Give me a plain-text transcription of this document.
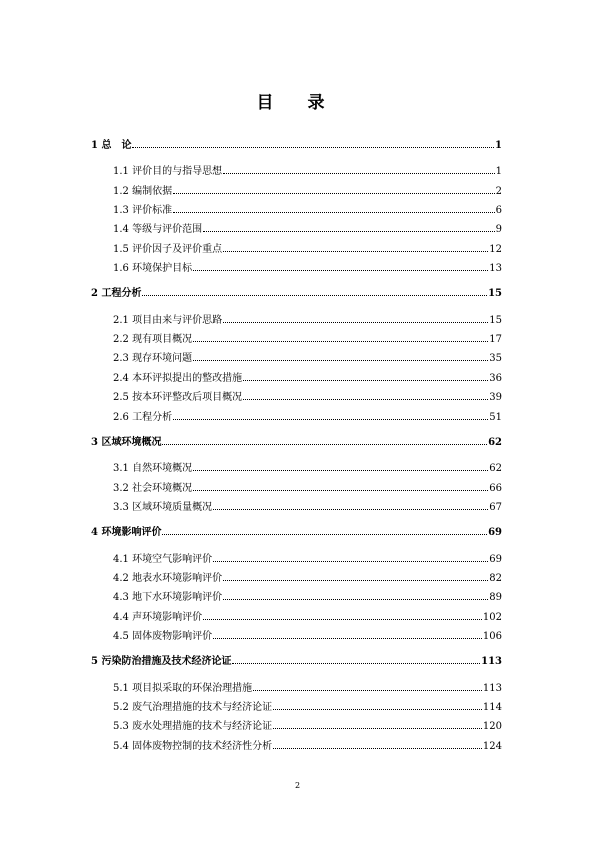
目 录
1 总　论	1
1.1 评价目的与指导思想	1
1.2 编制依据	2
1.3 评价标准	6
1.4 等级与评价范围	9
1.5 评价因子及评价重点	12
1.6 环境保护目标	13
2 工程分析	15
2.1 项目由来与评价思路	15
2.2 现有项目概况	17
2.3 现存环境问题	35
2.4 本环评拟提出的整改措施	36
2.5 按本环评整改后项目概况	39
2.6 工程分析	51
3 区域环境概况	62
3.1 自然环境概况	62
3.2 社会环境概况	66
3.3 区域环境质量概况	67
4 环境影响评价	69
4.1 环境空气影响评价	69
4.2 地表水环境影响评价	82
4.3 地下水环境影响评价	89
4.4 声环境影响评价	102
4.5 固体废物影响评价	106
5 污染防治措施及技术经济论证	113
5.1 项目拟采取的环保治理措施	113
5.2 废气治理措施的技术与经济论证	114
5.3 废水处理措施的技术与经济论证	120
5.4 固体废物控制的技术经济性分析	124
2
